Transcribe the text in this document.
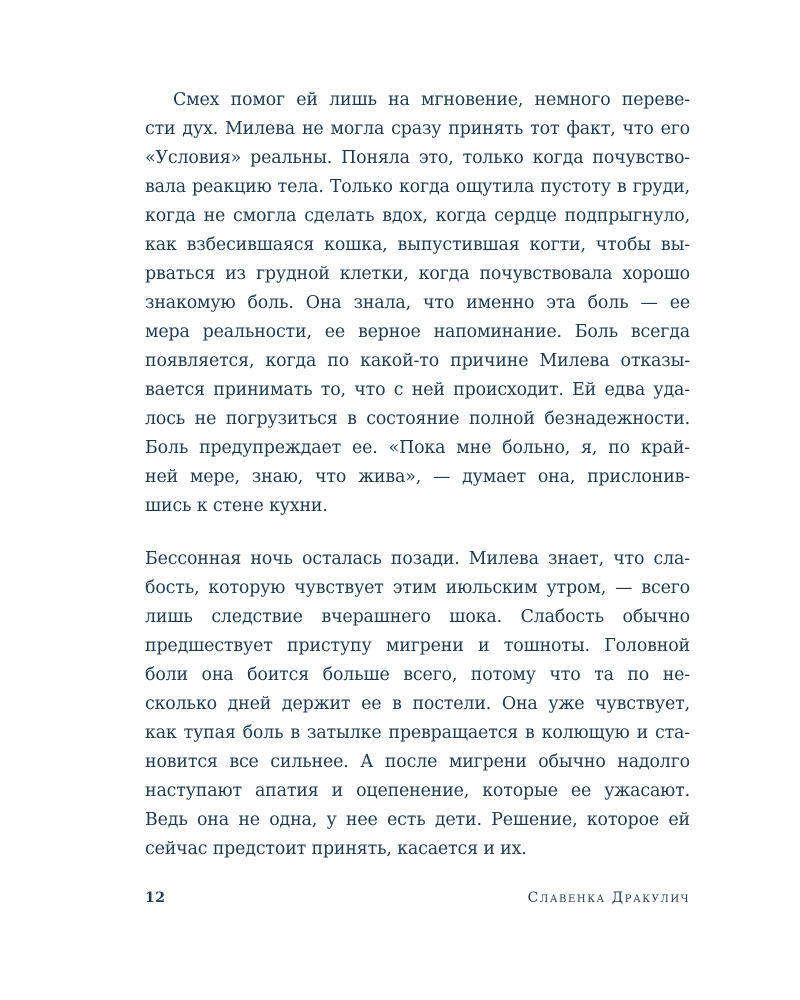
Смех помог ей лишь на мгновение, немного переве-
сти дух. Милева не могла сразу принять тот факт, что его
«Условия» реальны. Поняла это, только когда почувство-
вала реакцию тела. Только когда ощутила пустоту в груди,
когда не смогла сделать вдох, когда сердце подпрыгнуло,
как взбесившаяся кошка, выпустившая когти, чтобы вы-
рваться из грудной клетки, когда почувствовала хорошо
знакомую боль. Она знала, что именно эта боль — ее
мера реальности, ее верное напоминание. Боль всегда
появляется, когда по какой-то причине Милева отказы-
вается принимать то, что с ней происходит. Ей едва уда-
лось не погрузиться в состояние полной безнадежности.
Боль предупреждает ее. «Пока мне больно, я, по край-
ней мере, знаю, что жива», — думает она, прислонив-
шись к стене кухни.
Бессонная ночь осталась позади. Милева знает, что сла-
бость, которую чувствует этим июльским утром, — всего
лишь следствие вчерашнего шока. Слабость обычно
предшествует приступу мигрени и тошноты. Головной
боли она боится больше всего, потому что та по не-
сколько дней держит ее в постели. Она уже чувствует,
как тупая боль в затылке превращается в колющую и ста-
новится все сильнее. А после мигрени обычно надолго
наступают апатия и оцепенение, которые ее ужасают.
Ведь она не одна, у нее есть дети. Решение, которое ей
сейчас предстоит принять, касается и их.
12	Славенка Дракулич
